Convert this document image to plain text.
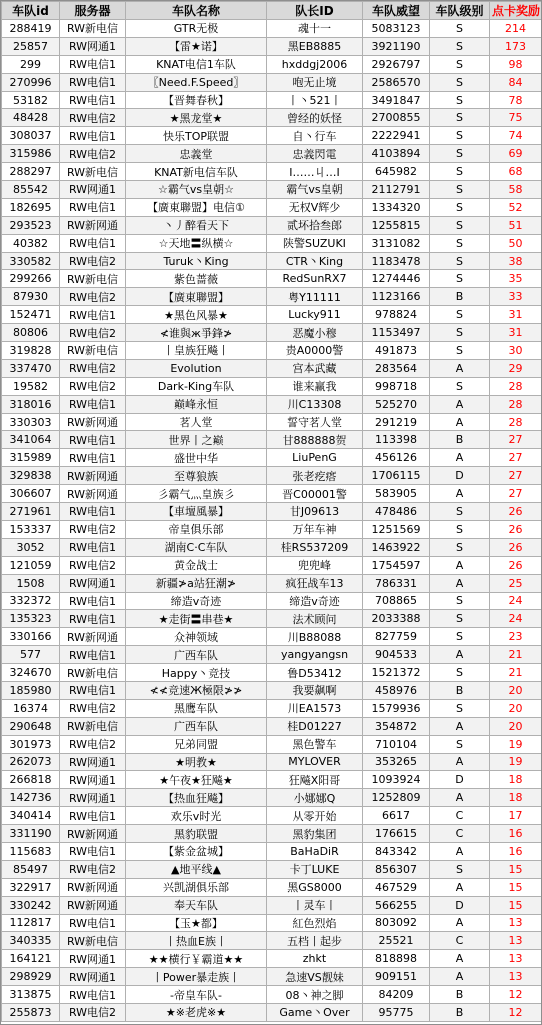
车队id	服务器	车队名称	队长ID	车队威望	车队级别	点卡奖励
288419	RW新电信	GTR无极	魂十一	5083123	S	214
25857	RW网通1	【雷★诺】	黑EB8885	3921190	S	173
299	RW电信1	KNAT电信1车队	hxddgj2006	2926797	S	98
270996	RW电信1	〖Need.F.Speed〗	咆无止境	2586570	S	84
53182	RW电信1	【晋舞春秋】	丨丶521丨	3491847	S	78
48428	RW电信2	★黑龙堂★	曾经的妖怪	2700855	S	75
308037	RW电信1	快乐TOP联盟	自丶行车	2222941	S	74
315986	RW电信2	忠義堂	忠義閃電	4103894	S	69
288297	RW新电信	KNAT新电信车队	I……丩…I	645982	S	68
85542	RW网通1	☆霸气vs皇朝☆	霸气vs皇朝	2112791	S	58
182695	RW电信1	【廣東聯盟】电信①	无权V辉少	1334320	S	52
293523	RW新网通	丶丿醉看天下	贰坏拾叁郎	1255815	S	51
40382	RW电信1	☆天地〓纵横☆	陕警SUZUKI	3131082	S	50
330582	RW电信2	Turuk丶King	CTR丶King	1183478	S	38
299266	RW新电信	紫色蔷薇	RedSunRX7	1274446	S	35
87930	RW电信2	【廣東聯盟】	粤Y11111	1123166	B	33
152471	RW电信1	★黑色风暴★	Lucky911	978824	S	31
80806	RW电信2	≮谁與ж爭鋒≯	恶魔小穆	1153497	S	31
319828	RW新电信	丨皇族狂飚丨	贵A0000警	491873	S	30
337470	RW电信2	Evolution	宫本武藏	283564	A	29
19582	RW电信2	Dark-King车队	谁来赢我	998718	S	28
318016	RW电信1	巅峰永恒	川C13308	525270	A	28
330303	RW新网通	茗人堂	誓守茗人堂	291219	A	28
341064	RW电信1	世界丨之巅	甘888888贺	113398	B	27
315989	RW电信1	盛世中华	LiuPenG	456126	A	27
329838	RW新网通	至尊狼族	张老疙瘩	1706115	D	27
306607	RW新网通	彡霸气灬皇族彡	晋C00001警	583905	A	27
271961	RW电信1	【車壇風暴】	甘J09613	478486	S	26
153337	RW电信2	帝皇俱乐部	万年车神	1251569	S	26
3052	RW电信1	湖南C·C车队	桂RS537209	1463922	S	26
121059	RW电信2	黄金战士	兜兜峰	1754597	A	26
1508	RW网通1	新疆≯a站狂潮≯	疯狂战车13	786331	A	25
332372	RW电信1	缔造v奇迹	缔造v奇迹	708865	S	24
135323	RW电信1	★走街〓串巷★	法术顾问	2033388	S	24
330166	RW新网通	众神领域	川B88088	827759	S	23
577	RW电信1	广西车队	yangyangsn	904533	A	21
324670	RW新电信	Happy丶竞技	鲁D53412	1521372	S	21
185980	RW电信1	≮≮竞速Ж極限≯≯	我要飙啊	458976	B	20
16374	RW电信2	黑鹰车队	川EA1573	1579936	S	20
290648	RW新电信	广西车队	桂D01227	354872	A	20
301973	RW电信2	兄弟同盟	黑色警车	710104	S	19
262073	RW网通1	★明教★	MYLOVER	353265	A	19
266818	RW网通1	★午夜★狂飚★	狂飚X阳哥	1093924	D	18
142736	RW网通1	【热血狂飚】	小娜娜Q	1252809	A	18
340414	RW电信1	欢乐v时光	从零开始	6617	C	17
331190	RW新网通	黑豹联盟	黑豹集团	176615	C	16
115683	RW电信1	【紫金盆城】	BaHaDiR	843342	A	16
85497	RW电信2	▲地平线▲	卡丁LUKE	856307	S	15
322917	RW新网通	兴凯湖俱乐部	黑GS8000	467529	A	15
330242	RW新网通	奉天车队	丨灵车丨	566255	D	15
112817	RW电信1	【玉★都】	紅色烈焰	803092	A	13
340335	RW新电信	丨热血E族丨	五档丨起步	25521	C	13
164121	RW网通1	★★横行￥霸道★★	zhkt	818898	A	13
298929	RW网通1	丨Power暴走族丨	急速VS靓妹	909151	A	13
313875	RW电信1	-帝皇车队-	08丶神之脚	84209	B	12
255873	RW电信2	★※老虎※★	Game丶Over	95775	B	12
